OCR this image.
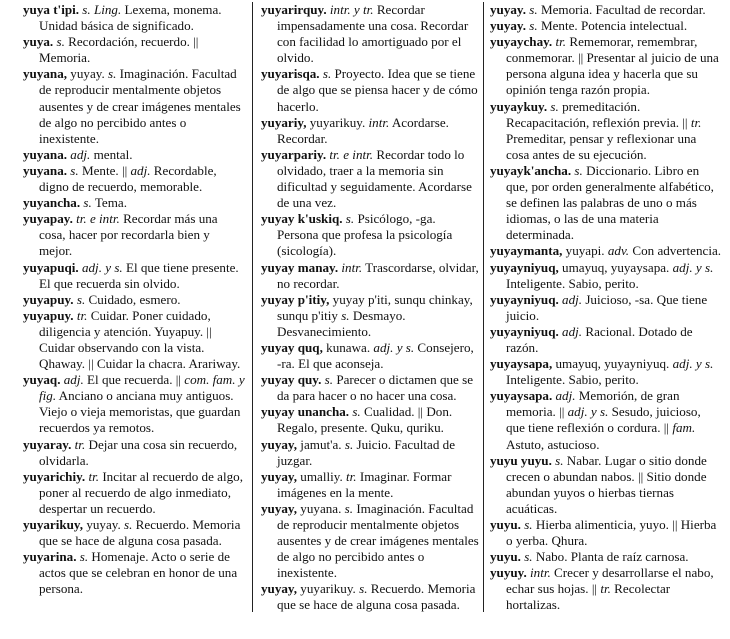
yuya t'ipi. s. Ling. Lexema, monema. Unidad básica de significado.

yuya. s. Recordación, recuerdo. || Memoria.

yuyana, yuyay. s. Imaginación. Facultad de reproducir mentalmente objetos ausentes y de crear imágenes mentales de algo no percibido antes o inexistente.

yuyana. adj. mental.

yuyana. s. Mente. || adj. Recordable, digno de recuerdo, memorable.

yuyancha. s. Tema.

yuyapay. tr. e intr. Recordar más una cosa, hacer por recordarla bien y mejor.

yuyapuqi. adj. y s. El que tiene presente. El que recuerda sin olvido.

yuyapuy. s. Cuidado, esmero.

yuyapuy. tr. Cuidar. Poner cuidado, diligencia y atención. Yuyapuy. || Cuidar observando con la vista. Qhaway. || Cuidar la chacra. Arariway.

yuyaq. adj. El que recuerda. || com. fam. y fig. Anciano o anciana muy antiguos. Viejo o vieja memoristas, que guardan recuerdos ya remotos.

yuyaray. tr. Dejar una cosa sin recuerdo, olvidarla.

yuyarichiy. tr. Incitar al recuerdo de algo, poner al recuerdo de algo inmediato, despertar un recuerdo.

yuyarikuy, yuyay. s. Recuerdo. Memoria que se hace de alguna cosa pasada.

yuyarina. s. Homenaje. Acto o serie de actos que se celebran en honor de una persona.

yuyarirquy. intr. y tr. Recordar impensadamente una cosa. Recordar con facilidad lo amortiguado por el olvido.

yuyarisqa. s. Proyecto. Idea que se tiene de algo que se piensa hacer y de cómo hacerlo.

yuyariy, yuyarikuy. intr. Acordarse. Recordar.

yuyarpariy. tr. e intr. Recordar todo lo olvidado, traer a la memoria sin dificultad y seguidamente. Acordarse de una vez.

yuyay k'uskiq. s. Psicólogo, -ga. Persona que profesa la psicología (sicología).

yuyay manay. intr. Trascordarse, olvidar, no recordar.

yuyay p'itiy, yuyay p'iti, sunqu chinkay, sunqu p'itiy s. Desmayo. Desvanecimiento.

yuyay quq, kunawa. adj. y s. Consejero, -ra. El que aconseja.

yuyay quy. s. Parecer o dictamen que se da para hacer o no hacer una cosa.

yuyay unancha. s. Cualidad. || Don. Regalo, presente. Quku, quriku.

yuyay, jamut'a. s. Juicio. Facultad de juzgar.

yuyay, umalliy. tr. Imaginar. Formar imágenes en la mente.

yuyay, yuyana. s. Imaginación. Facultad de reproducir mentalmente objetos ausentes y de crear imágenes mentales de algo no percibido antes o inexistente.

yuyay, yuyarikuy. s. Recuerdo. Memoria que se hace de alguna cosa pasada.

yuyay. s. Memoria. Facultad de recordar.

yuyay. s. Mente. Potencia intelectual.

yuyaychay. tr. Rememorar, remembrar, conmemorar. || Presentar al juicio de una persona alguna idea y hacerla que su opinión tenga razón propia.

yuyaykuy. s. premeditación. Recapacitación, reflexión previa. || tr. Premeditar, pensar y reflexionar una cosa antes de su ejecución.

yuyayk'ancha. s. Diccionario. Libro en que, por orden generalmente alfabético, se definen las palabras de uno o más idiomas, o las de una materia determinada.

yuyaymanta, yuyapi. adv. Con advertencia.

yuyayniyuq, umayuq, yuyaysapa. adj. y s. Inteligente. Sabio, perito.

yuyayniyuq. adj. Juicioso, -sa. Que tiene juicio.

yuyayniyuq. adj. Racional. Dotado de razón.

yuyaysapa, umayuq, yuyayniyuq. adj. y s. Inteligente. Sabio, perito.

yuyaysapa. adj. Memorión, de gran memoria. || adj. y s. Sesudo, juicioso, que tiene reflexión o cordura. || fam. Astuto, astucioso.

yuyu yuyu. s. Nabar. Lugar o sitio donde crecen o abundan nabos. || Sitio donde abundan yuyos o hierbas tiernas acuáticas.

yuyu. s. Hierba alimenticia, yuyo. || Hierba o yerba. Qhura.

yuyu. s. Nabo. Planta de raíz carnosa.

yuyuy. intr. Crecer y desarrollarse el nabo, echar sus hojas. || tr. Recolectar hortalizas.
